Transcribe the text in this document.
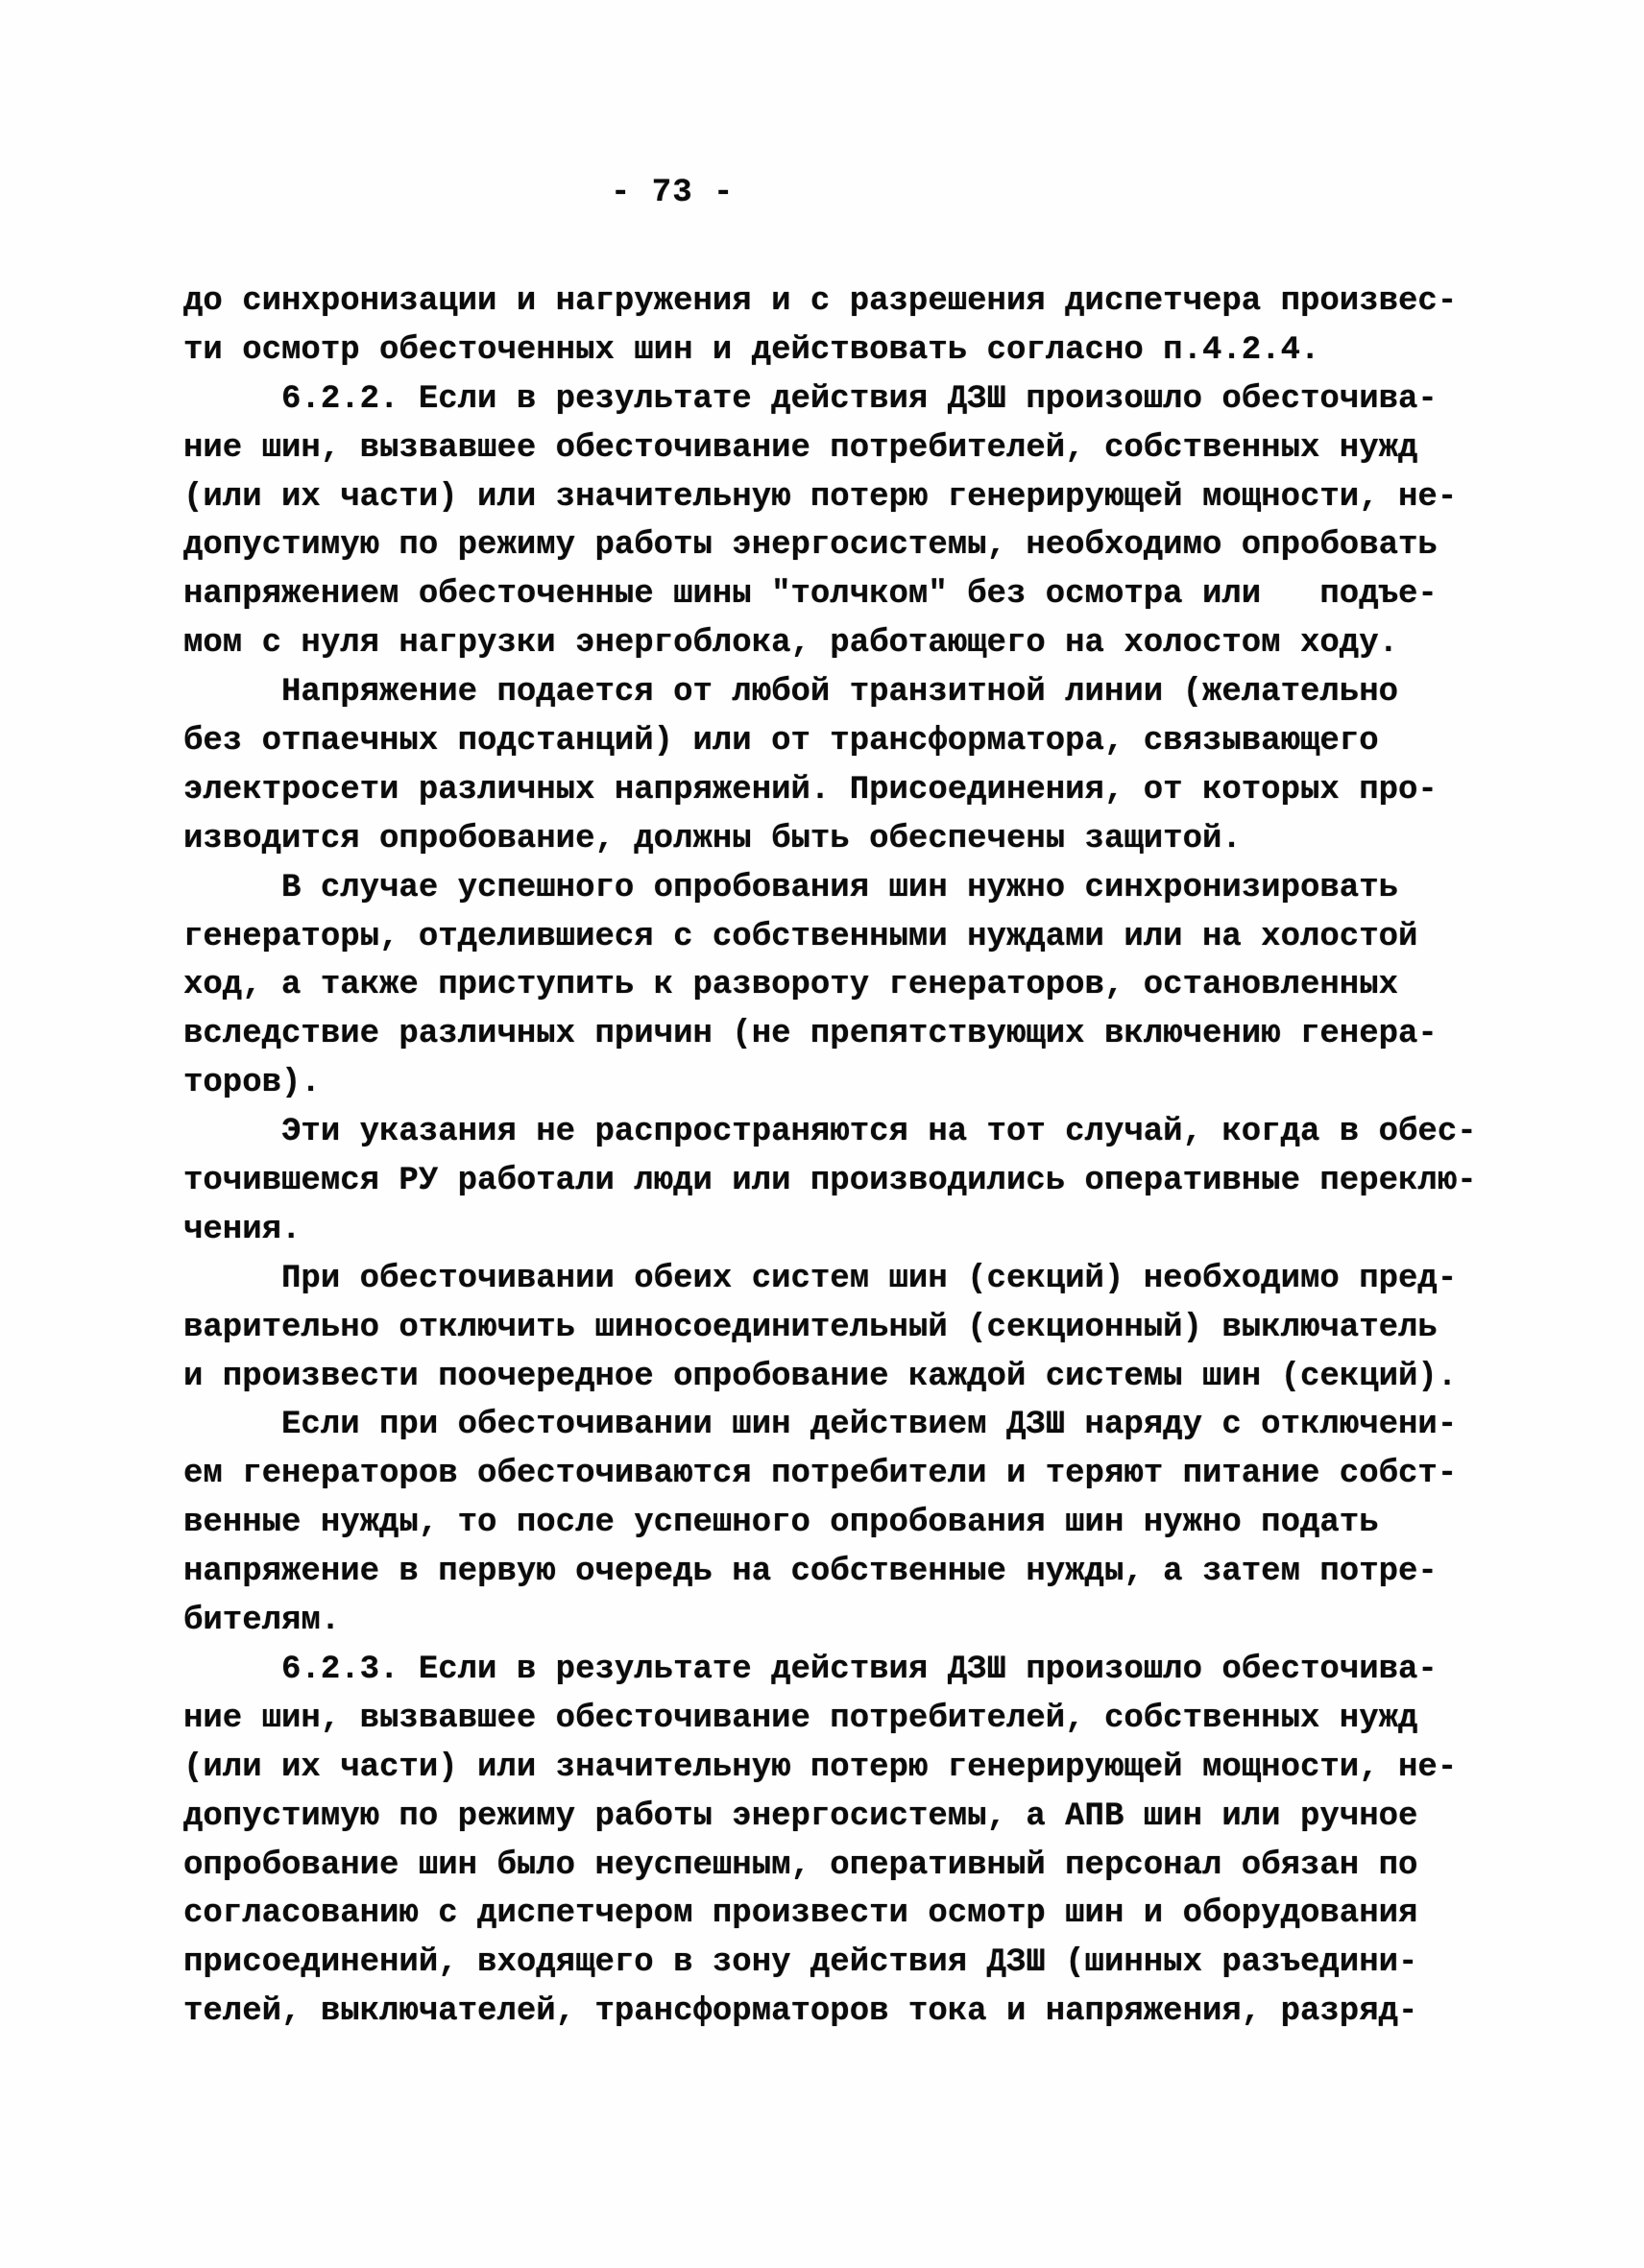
- 73 -
до синхронизации и нагружения и с разрешения диспетчера произвес-
ти осмотр обесточенных шин и действовать согласно п.4.2.4.
6.2.2. Если в результате действия ДЗШ произошло обесточива-
ние шин, вызвавшее обесточивание потребителей, собственных нужд
(или их части) или значительную потерю генерирующей мощности, не-
допустимую по режиму работы энергосистемы, необходимо опробовать
напряжением обесточенные шины "толчком" без осмотра или   подъе-
мом с нуля нагрузки энергоблока, работающего на холостом ходу.
Напряжение подается от любой транзитной линии (желательно
без отпаечных подстанций) или от трансформатора, связывающего
электросети различных напряжений. Присоединения, от которых про-
изводится опробование, должны быть обеспечены защитой.
В случае успешного опробования шин нужно синхронизировать
генераторы, отделившиеся с собственными нуждами или на холостой
ход, а также приступить к развороту генераторов, остановленных
вследствие различных причин (не препятствующих включению генера-
торов).
Эти указания не распространяются на тот случай, когда в обес-
точившемся РУ работали люди или производились оперативные переклю-
чения.
При обесточивании обеих систем шин (секций) необходимо пред-
варительно отключить шиносоединительный (секционный) выключатель
и произвести поочередное опробование каждой системы шин (секций).
Если при обесточивании шин действием ДЗШ наряду с отключени-
ем генераторов обесточиваются потребители и теряют питание собст-
венные нужды, то после успешного опробования шин нужно подать
напряжение в первую очередь на собственные нужды, а затем потре-
бителям.
6.2.3. Если в результате действия ДЗШ произошло обесточива-
ние шин, вызвавшее обесточивание потребителей, собственных нужд
(или их части) или значительную потерю генерирующей мощности, не-
допустимую по режиму работы энергосистемы, а АПВ шин или ручное
опробование шин было неуспешным, оперативный персонал обязан по
согласованию с диспетчером произвести осмотр шин и оборудования
присоединений, входящего в зону действия ДЗШ (шинных разъедини-
телей, выключателей, трансформаторов тока и напряжения, разряд-
